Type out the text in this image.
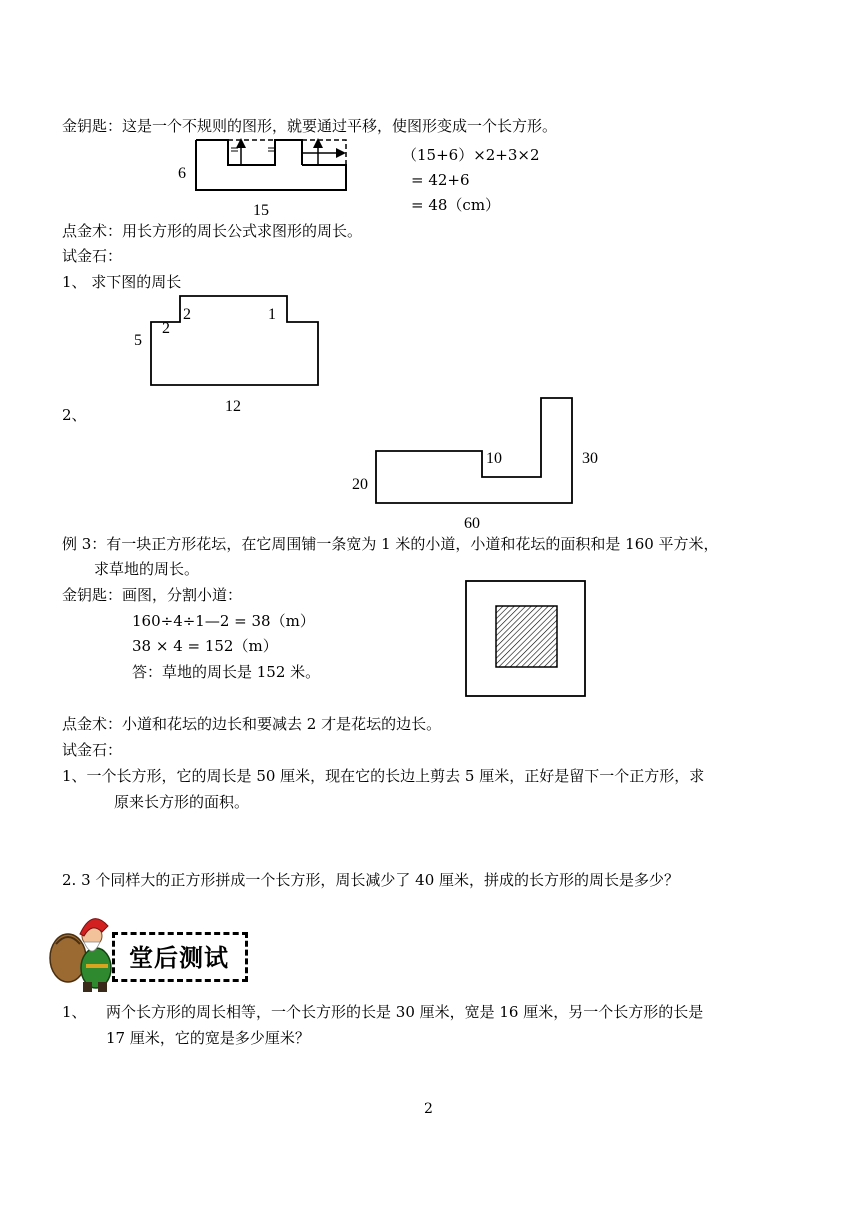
金钥匙：这是一个不规则的图形，就要通过平移，使图形变成一个长方形。
6
15
（15+6）×2+3×2
= 42+6
= 48（cm）
点金术：用长方形的周长公式求图形的周长。
试金石：
1、 求下图的周长
2
2	1
5
12
2、
10	30
20
60
例 3：有一块正方形花坛，在它周围铺一条宽为 1 米的小道，小道和花坛的面积和是 160 平方米，
求草地的周长。
金钥匙：画图，分割小道：
160÷4÷1—2 = 38（m）
38 × 4 = 152（m）
答：草地的周长是 152 米。
点金术：小道和花坛的边长和要减去 2 才是花坛的边长。
试金石：
1、一个长方形，它的周长是 50 厘米，现在它的长边上剪去 5 厘米，正好是留下一个正方形，求
原来长方形的面积。
2. 3 个同样大的正方形拼成一个长方形，周长减少了 40 厘米，拼成的长方形的周长是多少？
堂后测试
1、 两个长方形的周长相等，一个长方形的长是 30 厘米，宽是 16 厘米，另一个长方形的长是
17 厘米，它的宽是多少厘米？
2
